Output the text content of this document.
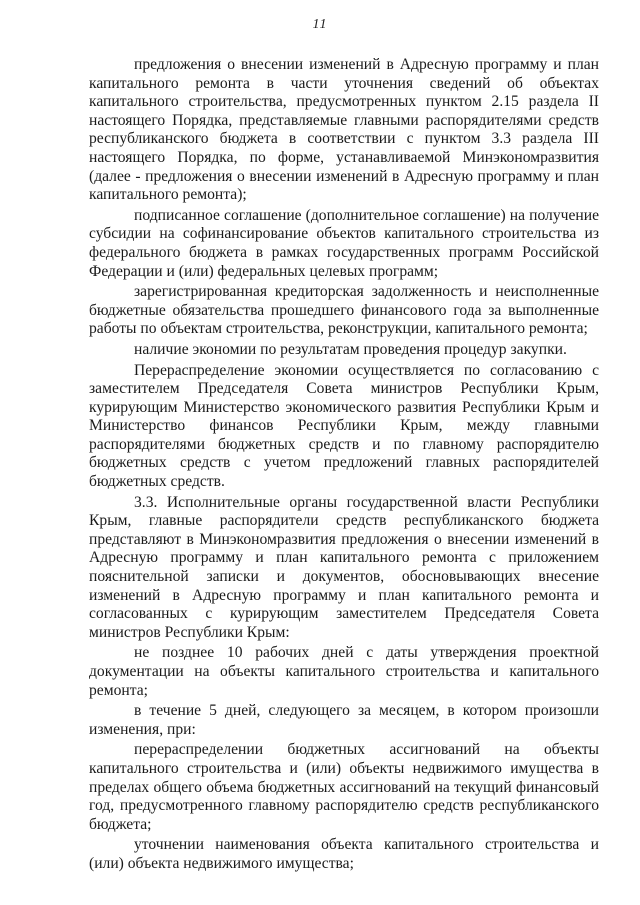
11

предложения о внесении изменений в Адресную программу и план капитального ремонта в части уточнения сведений об объектах капитального строительства, предусмотренных пунктом 2.15 раздела II настоящего Порядка, представляемые главными распорядителями средств республиканского бюджета в соответствии с пунктом 3.3 раздела III настоящего Порядка, по форме, устанавливаемой Минэкономразвития (далее - предложения о внесении изменений в Адресную программу и план капитального ремонта);

подписанное соглашение (дополнительное соглашение) на получение субсидии на софинансирование объектов капитального строительства из федерального бюджета в рамках государственных программ Российской Федерации и (или) федеральных целевых программ;

зарегистрированная кредиторская задолженность и неисполненные бюджетные обязательства прошедшего финансового года за выполненные работы по объектам строительства, реконструкции, капитального ремонта;

наличие экономии по результатам проведения процедур закупки.

Перераспределение экономии осуществляется по согласованию с заместителем Председателя Совета министров Республики Крым, курирующим Министерство экономического развития Республики Крым и Министерство финансов Республики Крым, между главными распорядителями бюджетных средств и по главному распорядителю бюджетных средств с учетом предложений главных распорядителей бюджетных средств.

3.3. Исполнительные органы государственной власти Республики Крым, главные распорядители средств республиканского бюджета представляют в Минэкономразвития предложения о внесении изменений в Адресную программу и план капитального ремонта с приложением пояснительной записки и документов, обосновывающих внесение изменений в Адресную программу и план капитального ремонта и согласованных с курирующим заместителем Председателя Совета министров Республики Крым:

не позднее 10 рабочих дней с даты утверждения проектной документации на объекты капитального строительства и капитального ремонта;

в течение 5 дней, следующего за месяцем, в котором произошли изменения, при:

перераспределении бюджетных ассигнований на объекты капитального строительства и (или) объекты недвижимого имущества в пределах общего объема бюджетных ассигнований на текущий финансовый год, предусмотренного главному распорядителю средств республиканского бюджета;

уточнении наименования объекта капитального строительства и (или) объекта недвижимого имущества;
